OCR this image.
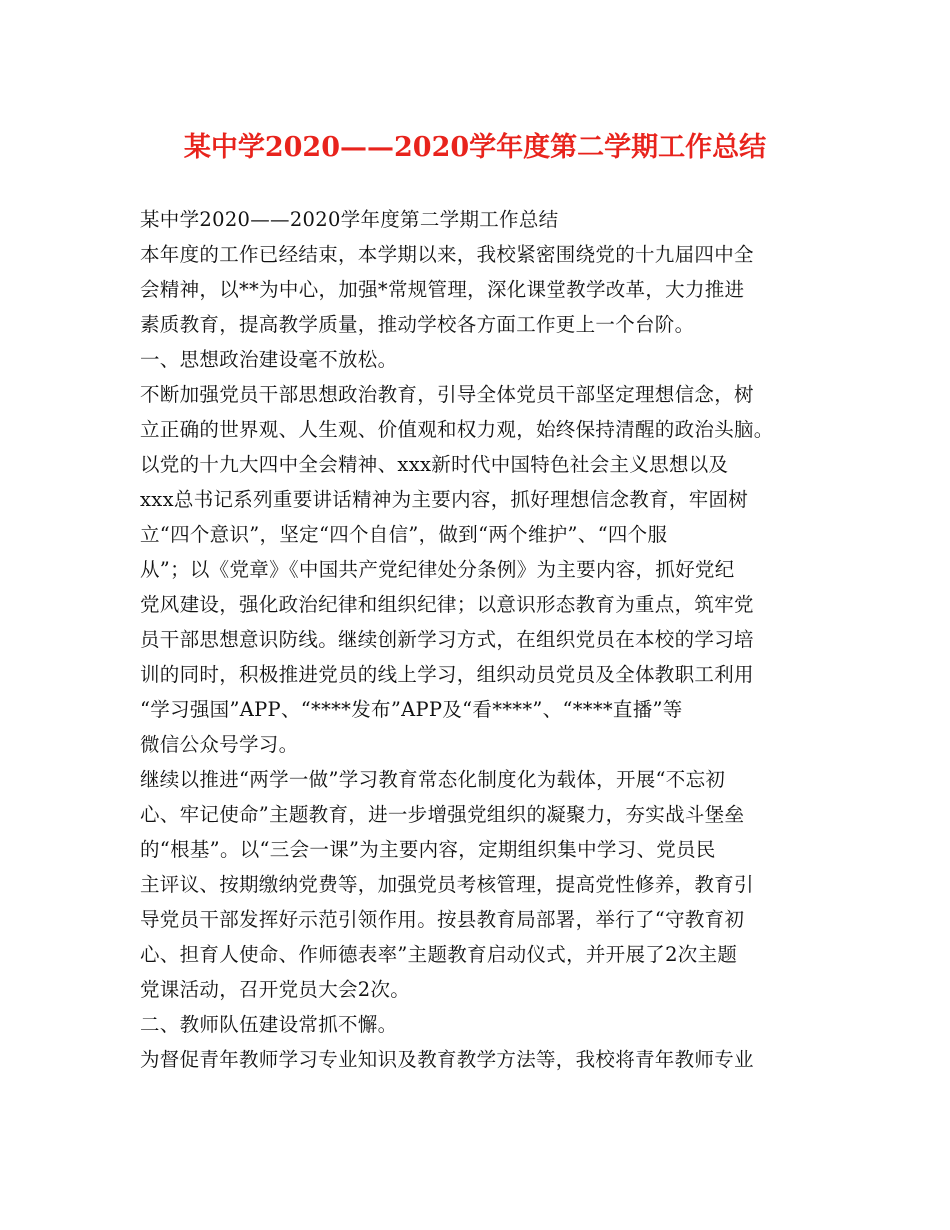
某中学2020——2020学年度第二学期工作总结
某中学2020——2020学年度第二学期工作总结
本年度的工作已经结束，本学期以来，我校紧密围绕党的十九届四中全
会精神，以**为中心，加强*常规管理，深化课堂教学改革，大力推进
素质教育，提高教学质量，推动学校各方面工作更上一个台阶。
一、思想政治建设毫不放松。
不断加强党员干部思想政治教育，引导全体党员干部坚定理想信念，树
立正确的世界观、人生观、价值观和权力观，始终保持清醒的政治头脑。
以党的十九大四中全会精神、xxx新时代中国特色社会主义思想以及
xxx总书记系列重要讲话精神为主要内容，抓好理想信念教育，牢固树
立“四个意识”，坚定“四个自信”，做到“两个维护”、“四个服
从”；以《党章》《中国共产党纪律处分条例》为主要内容，抓好党纪
党风建设，强化政治纪律和组织纪律；以意识形态教育为重点，筑牢党
员干部思想意识防线。继续创新学习方式，在组织党员在本校的学习培
训的同时，积极推进党员的线上学习，组织动员党员及全体教职工利用
“学习强国”APP、“****发布”APP及“看****”、“****直播”等
微信公众号学习。
继续以推进“两学一做”学习教育常态化制度化为载体，开展“不忘初
心、牢记使命”主题教育，进一步增强党组织的凝聚力，夯实战斗堡垒
的“根基”。以“三会一课”为主要内容，定期组织集中学习、党员民
主评议、按期缴纳党费等，加强党员考核管理，提高党性修养，教育引
导党员干部发挥好示范引领作用。按县教育局部署，举行了“守教育初
心、担育人使命、作师德表率”主题教育启动仪式，并开展了2次主题
党课活动，召开党员大会2次。
二、教师队伍建设常抓不懈。
为督促青年教师学习专业知识及教育教学方法等，我校将青年教师专业
